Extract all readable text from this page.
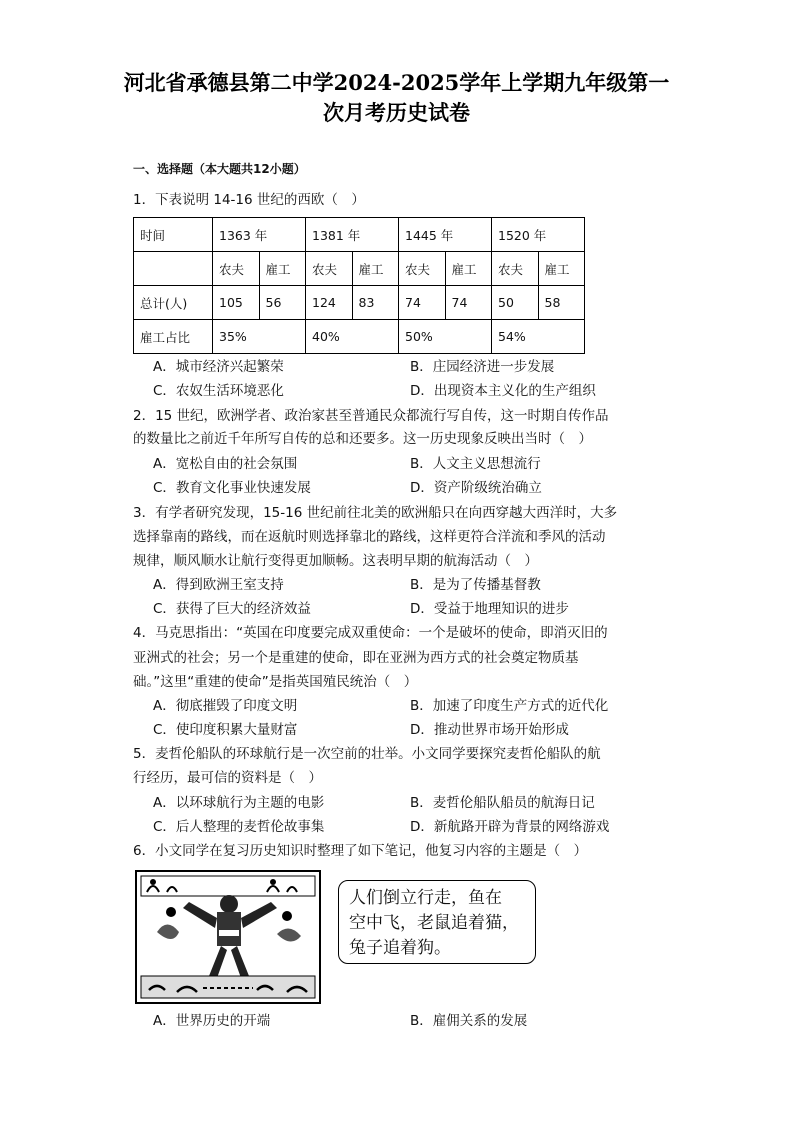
河北省承德县第二中学2024-2025学年上学期九年级第一
次月考历史试卷
一、选择题（本大题共12小题）
1．下表说明 14-16 世纪的西欧（　）
时间	1363 年		1381 年		1445 年		1520 年	
	农夫	雇工	农夫	雇工	农夫	雇工	农夫	雇工
总计(人)	105	56	124	83	74	74	50	58
雇工占比	35%		40%		50%		54%	
A．城市经济兴起繁荣	B．庄园经济进一步发展
C．农奴生活环境恶化	D．出现资本主义化的生产组织
2．15 世纪，欧洲学者、政治家甚至普通民众都流行写自传，这一时期自传作品
的数量比之前近千年所写自传的总和还要多。这一历史现象反映出当时（　）
A．宽松自由的社会氛围	B．人文主义思想流行
C．教育文化事业快速发展	D．资产阶级统治确立
3．有学者研究发现，15-16 世纪前往北美的欧洲船只在向西穿越大西洋时，大多
选择靠南的路线，而在返航时则选择靠北的路线，这样更符合洋流和季风的活动
规律，顺风顺水让航行变得更加顺畅。这表明早期的航海活动（　）
A．得到欧洲王室支持	B．是为了传播基督教
C．获得了巨大的经济效益	D．受益于地理知识的进步
4．马克思指出：“英国在印度要完成双重使命：一个是破坏的使命，即消灭旧的
亚洲式的社会；另一个是重建的使命，即在亚洲为西方式的社会奠定物质基
础。”这里“重建的使命”是指英国殖民统治（　）
A．彻底摧毁了印度文明	B．加速了印度生产方式的近代化
C．使印度积累大量财富	D．推动世界市场开始形成
5．麦哲伦船队的环球航行是一次空前的壮举。小文同学要探究麦哲伦船队的航
行经历，最可信的资料是（　）
A．以环球航行为主题的电影	B．麦哲伦船队船员的航海日记
C．后人整理的麦哲伦故事集	D．新航路开辟为背景的网络游戏
6．小文同学在复习历史知识时整理了如下笔记，他复习内容的主题是（　）
人们倒立行走，鱼在
空中飞，老鼠追着猫，
兔子追着狗。
A．世界历史的开端	B．雇佣关系的发展
